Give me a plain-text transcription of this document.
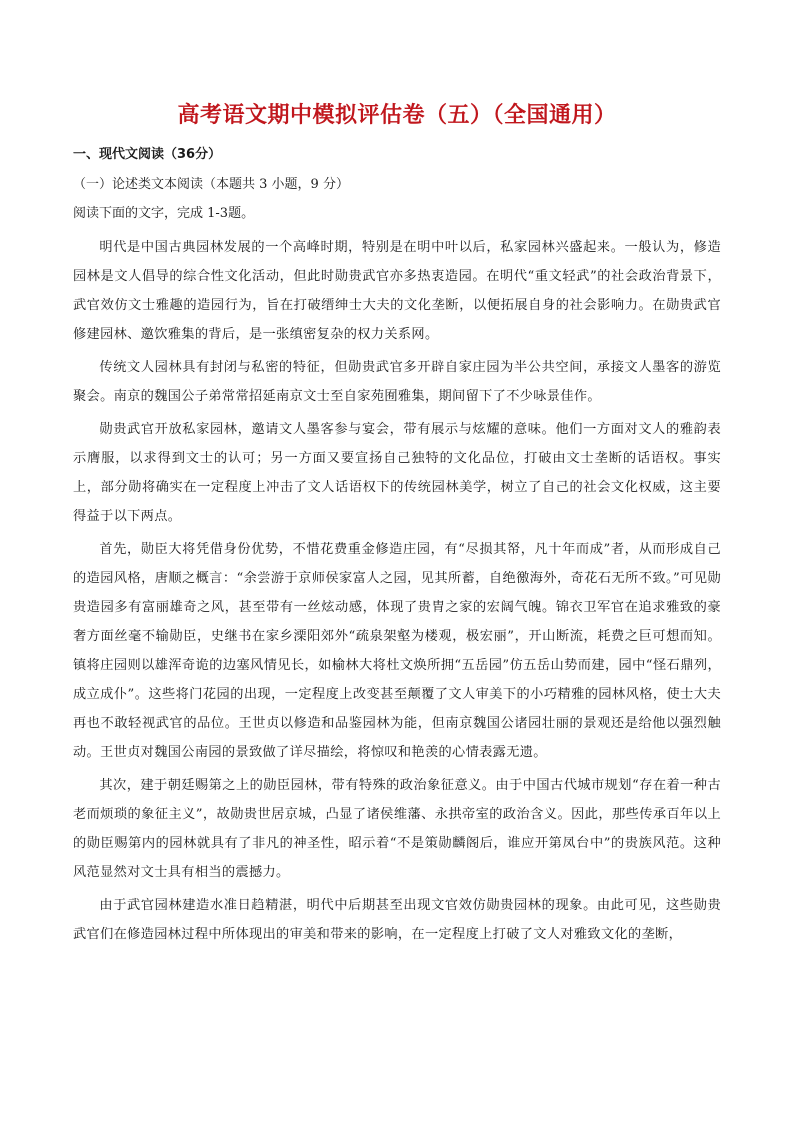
高考语文期中模拟评估卷（五）（全国通用）
一、现代文阅读（36分）
（一）论述类文本阅读（本题共 3 小题，9 分）
阅读下面的文字，完成 1-3题。

明代是中国古典园林发展的一个高峰时期，特别是在明中叶以后，私家园林兴盛起来。一般认为，修造园林是文人倡导的综合性文化活动，但此时勋贵武官亦多热衷造园。在明代“重文轻武”的社会政治背景下，武官效仿文士雅趣的造园行为，旨在打破缙绅士大夫的文化垄断，以便拓展自身的社会影响力。在勋贵武官修建园林、邀饮雅集的背后，是一张缜密复杂的权力关系网。

传统文人园林具有封闭与私密的特征，但勋贵武官多开辟自家庄园为半公共空间，承接文人墨客的游览聚会。南京的魏国公子弟常常招延南京文士至自家苑囿雅集，期间留下了不少咏景佳作。

勋贵武官开放私家园林，邀请文人墨客参与宴会，带有展示与炫耀的意味。他们一方面对文人的雅韵表示膺服，以求得到文士的认可；另一方面又要宣扬自己独特的文化品位，打破由文士垄断的话语权。事实上，部分勋将确实在一定程度上冲击了文人话语权下的传统园林美学，树立了自己的社会文化权威，这主要得益于以下两点。

首先，勋臣大将凭借身份优势，不惜花费重金修造庄园，有“尽损其帑，凡十年而成”者，从而形成自己的造园风格，唐顺之概言：“余尝游于京师侯家富人之园，见其所蓄，自绝徼海外，奇花石无所不致。”可见勋贵造园多有富丽雄奇之风，甚至带有一丝炫动感，体现了贵胄之家的宏阔气魄。锦衣卫军官在追求雅致的豪奢方面丝毫不输勋臣，史继书在家乡溧阳郊外“疏泉架壑为楼观，极宏丽”，开山断流，耗费之巨可想而知。镇将庄园则以雄浑奇诡的边塞风情见长，如榆林大将杜文焕所拥“五岳园”仿五岳山势而建，园中“怪石鼎列，成立成仆”。这些将门花园的出现，一定程度上改变甚至颠覆了文人审美下的小巧精雅的园林风格，使士大夫再也不敢轻视武官的品位。王世贞以修造和品鉴园林为能，但南京魏国公诸园壮丽的景观还是给他以强烈触动。王世贞对魏国公南园的景致做了详尽描绘，将惊叹和艳羡的心情表露无遗。

其次，建于朝廷赐第之上的勋臣园林，带有特殊的政治象征意义。由于中国古代城市规划“存在着一种古老而烦琐的象征主义”，故勋贵世居京城，凸显了诸侯维藩、永拱帝室的政治含义。因此，那些传承百年以上的勋臣赐第内的园林就具有了非凡的神圣性，昭示着“不是策勋麟阁后，谁应开第凤台中”的贵族风范。这种风范显然对文士具有相当的震撼力。

由于武官园林建造水准日趋精湛，明代中后期甚至出现文官效仿勋贵园林的现象。由此可见，这些勋贵武官们在修造园林过程中所体现出的审美和带来的影响，在一定程度上打破了文人对雅致文化的垄断，
